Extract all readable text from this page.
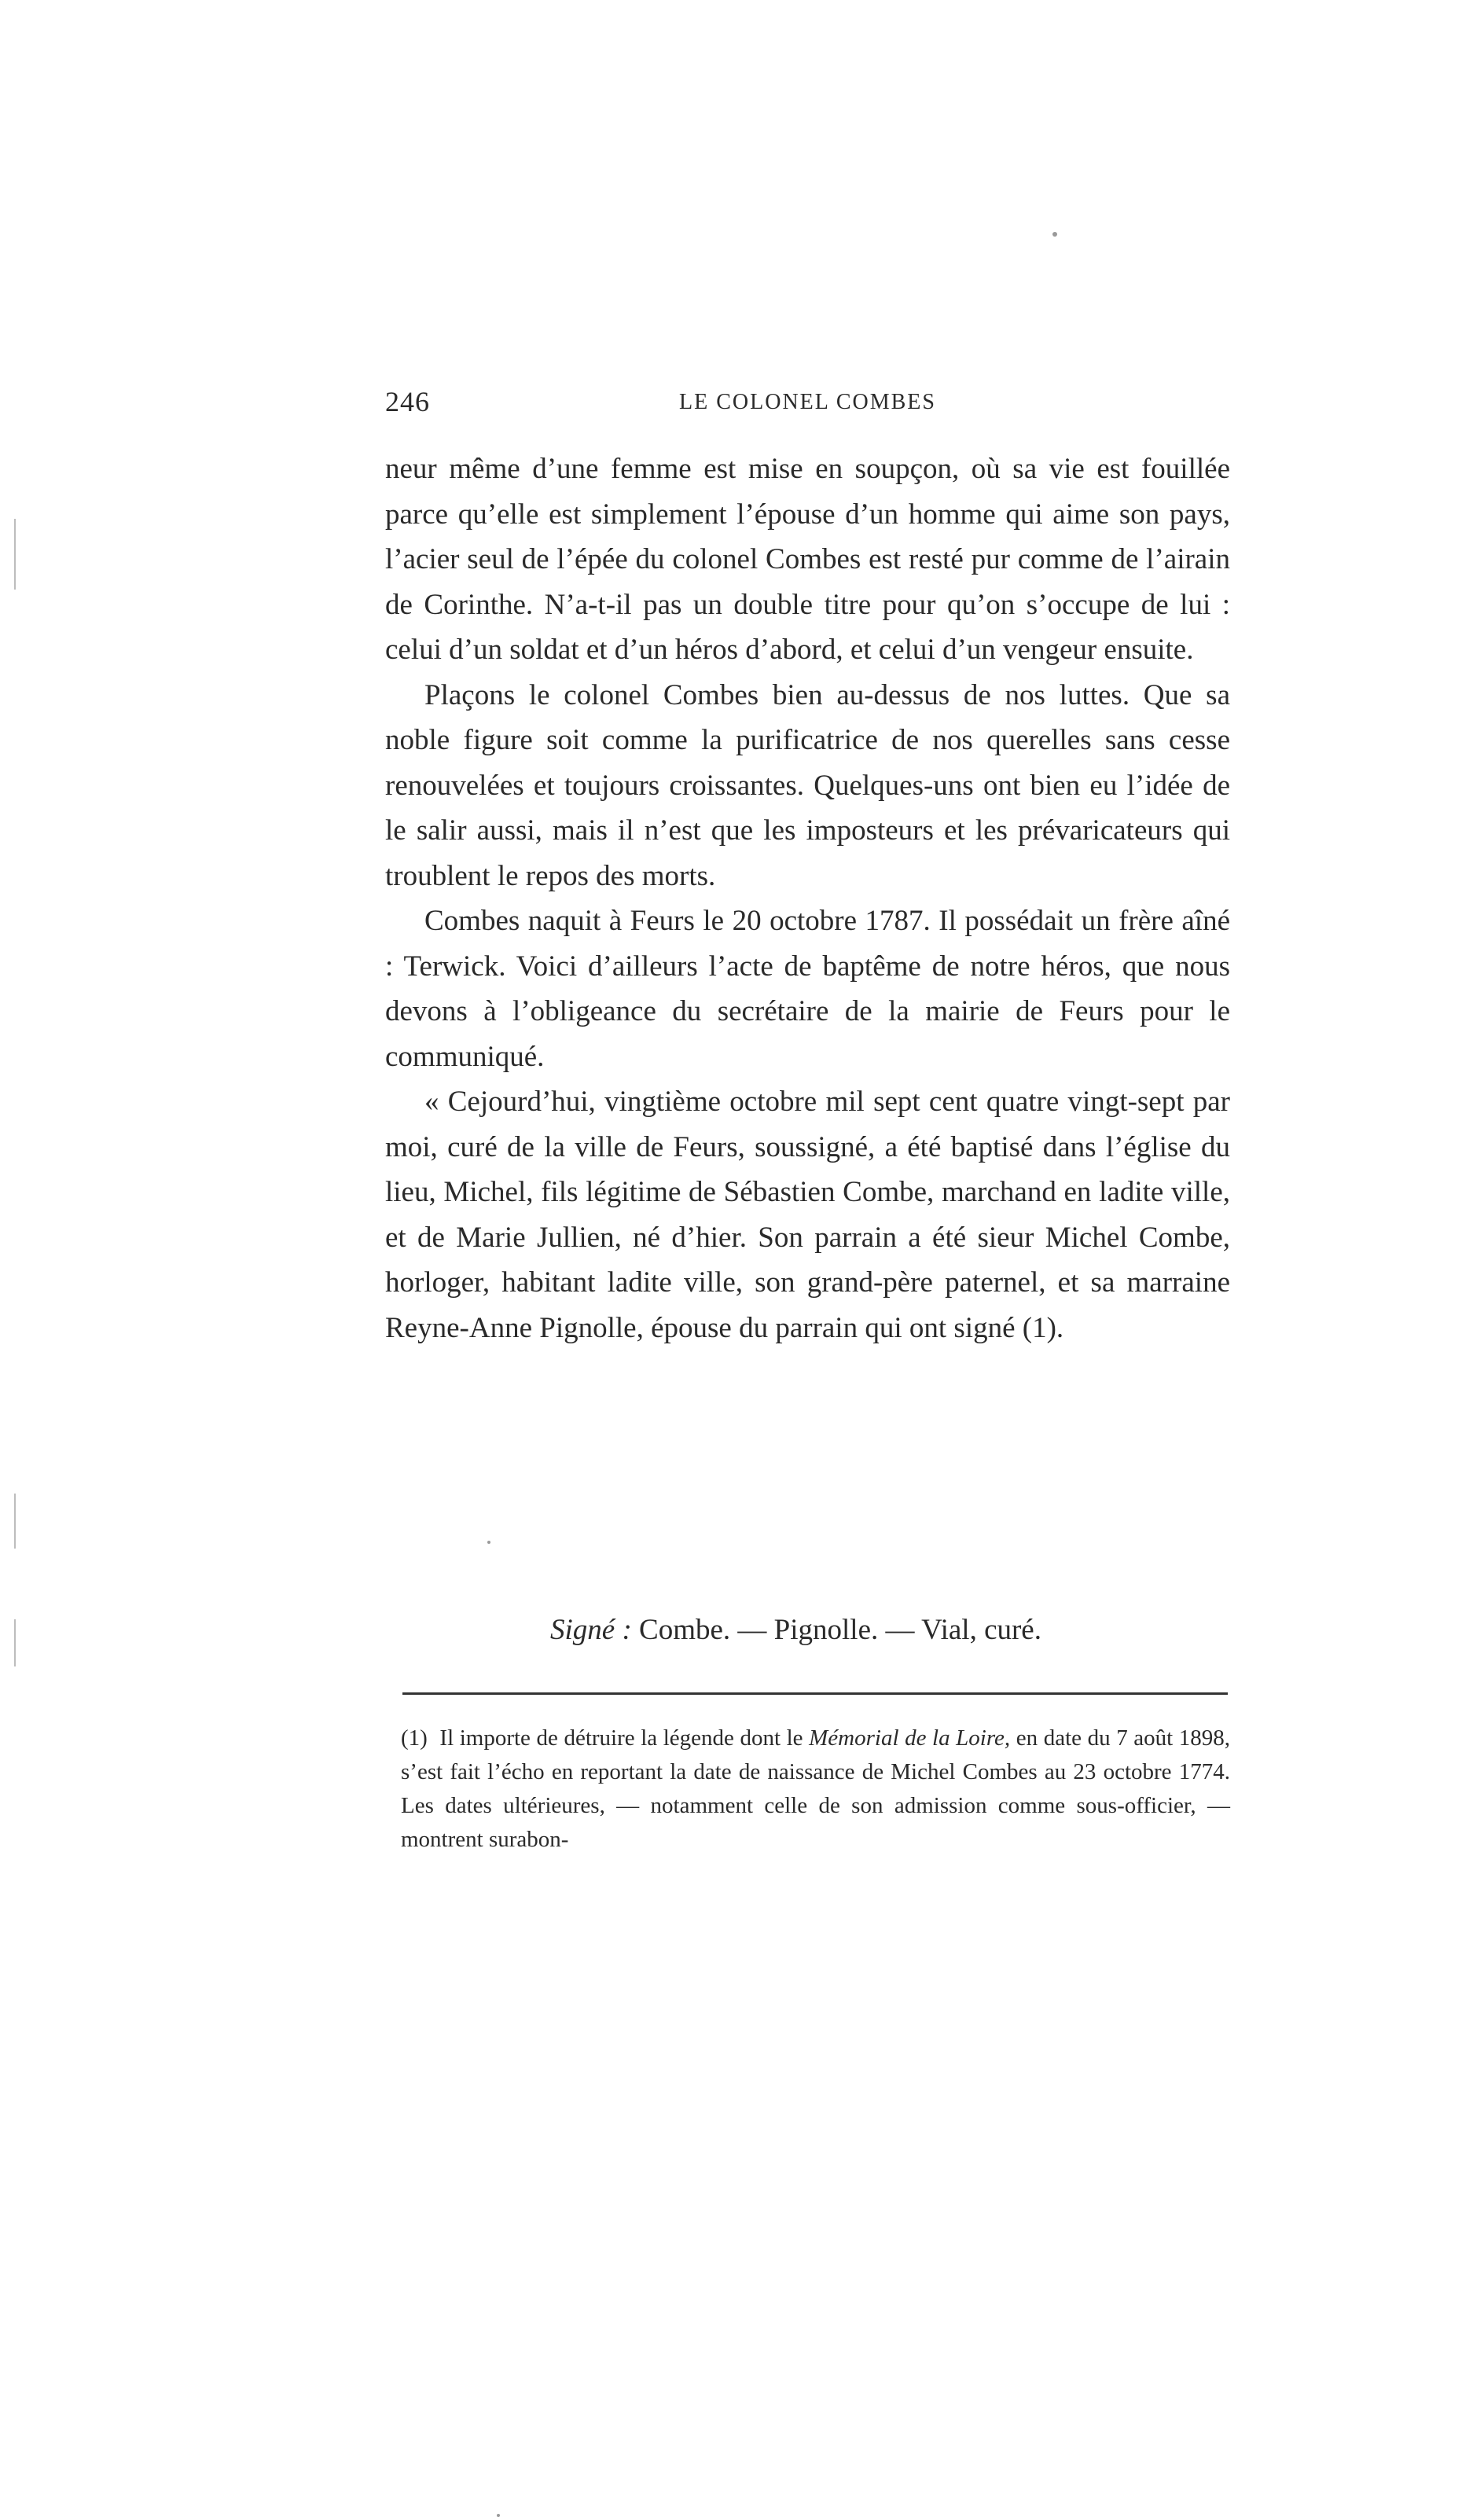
246	LE COLONEL COMBES

neur même d’une femme est mise en soupçon, où sa vie est fouillée parce qu’elle est simplement l’épouse d’un homme qui aime son pays, l’acier seul de l’épée du colonel Combes est resté pur comme de l’airain de Corinthe. N’a-t-il pas un double titre pour qu’on s’occupe de lui : celui d’un soldat et d’un héros d’abord, et celui d’un vengeur ensuite.

Plaçons le colonel Combes bien au-dessus de nos luttes. Que sa noble figure soit comme la purificatrice de nos querelles sans cesse renouvelées et toujours croissantes. Quelques-uns ont bien eu l’idée de le salir aussi, mais il n’est que les imposteurs et les prévaricateurs qui troublent le repos des morts.

Combes naquit à Feurs le 20 octobre 1787. Il possédait un frère aîné : Terwick. Voici d’ailleurs l’acte de baptême de notre héros, que nous devons à l’obligeance du secrétaire de la mairie de Feurs pour le communiqué.

« Cejourd’hui, vingtième octobre mil sept cent quatre vingt-sept par moi, curé de la ville de Feurs, soussigné, a été baptisé dans l’église du lieu, Michel, fils légitime de Sébastien Combe, marchand en ladite ville, et de Marie Jullien, né d’hier. Son parrain a été sieur Michel Combe, horloger, habitant ladite ville, son grand-père paternel, et sa marraine Reyne-Anne Pignolle, épouse du parrain qui ont signé (1).

Signé : Combe. — Pignolle. — Vial, curé.

(1) Il importe de détruire la légende dont le Mémorial de la Loire, en date du 7 août 1898, s’est fait l’écho en reportant la date de naissance de Michel Combes au 23 octobre 1774. Les dates ultérieures, — notamment celle de son admission comme sous-officier, — montrent surabon-
